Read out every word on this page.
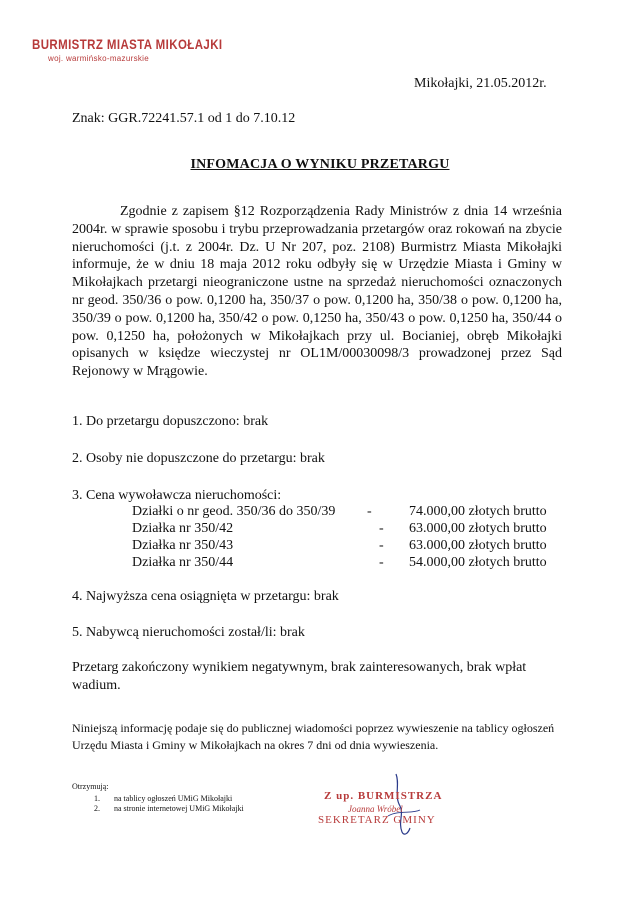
BURMISTRZ MIASTA MIKOŁAJKI
woj. warmińsko-mazurskie
Mikołajki, 21.05.2012r.
Znak: GGR.72241.57.1 od 1 do 7.10.12
INFOMACJA O WYNIKU PRZETARGU
Zgodnie z zapisem §12 Rozporządzenia Rady Ministrów z dnia 14 września 2004r. w sprawie sposobu i trybu przeprowadzania przetargów oraz rokowań na zbycie nieruchomości (j.t. z 2004r. Dz. U Nr 207, poz. 2108) Burmistrz Miasta Mikołajki informuje, że w dniu 18 maja 2012 roku odbyły się w Urzędzie Miasta i Gminy w Mikołajkach przetargi nieograniczone ustne na sprzedaż nieruchomości oznaczonych nr geod. 350/36 o pow. 0,1200 ha, 350/37 o pow. 0,1200 ha, 350/38 o pow. 0,1200 ha, 350/39 o pow. 0,1200 ha, 350/42 o pow. 0,1250 ha, 350/43 o pow. 0,1250 ha, 350/44 o pow. 0,1250 ha, położonych w Mikołajkach przy ul. Bocianiej, obręb Mikołajki opisanych w księdze wieczystej nr OL1M/00030098/3 prowadzonej przez Sąd Rejonowy w Mrągowie.
1. Do przetargu dopuszczono: brak
2. Osoby nie dopuszczone do przetargu: brak
3. Cena wywoławcza nieruchomości:
Działki o nr geod. 350/36 do 350/39	-	74.000,00 złotych brutto
Działka nr 350/42	-	63.000,00 złotych brutto
Działka nr 350/43	-	63.000,00 złotych brutto
Działka nr 350/44	-	54.000,00 złotych brutto
4. Najwyższa cena osiągnięta w przetargu: brak
5. Nabywcą nieruchomości został/li: brak
Przetarg zakończony wynikiem negatywnym, brak zainteresowanych, brak wpłat wadium.
Niniejszą informację podaje się do publicznej wiadomości poprzez wywieszenie na tablicy ogłoszeń Urzędu Miasta i Gminy w Mikołajkach na okres 7 dni od dnia wywieszenia.
Otrzymują:
1. na tablicy ogłoszeń UMiG Mikołajki
2. na stronie internetowej UMiG Mikołajki
Z up. BURMISTRZA
Joanna Wróbel
SEKRETARZ GMINY
